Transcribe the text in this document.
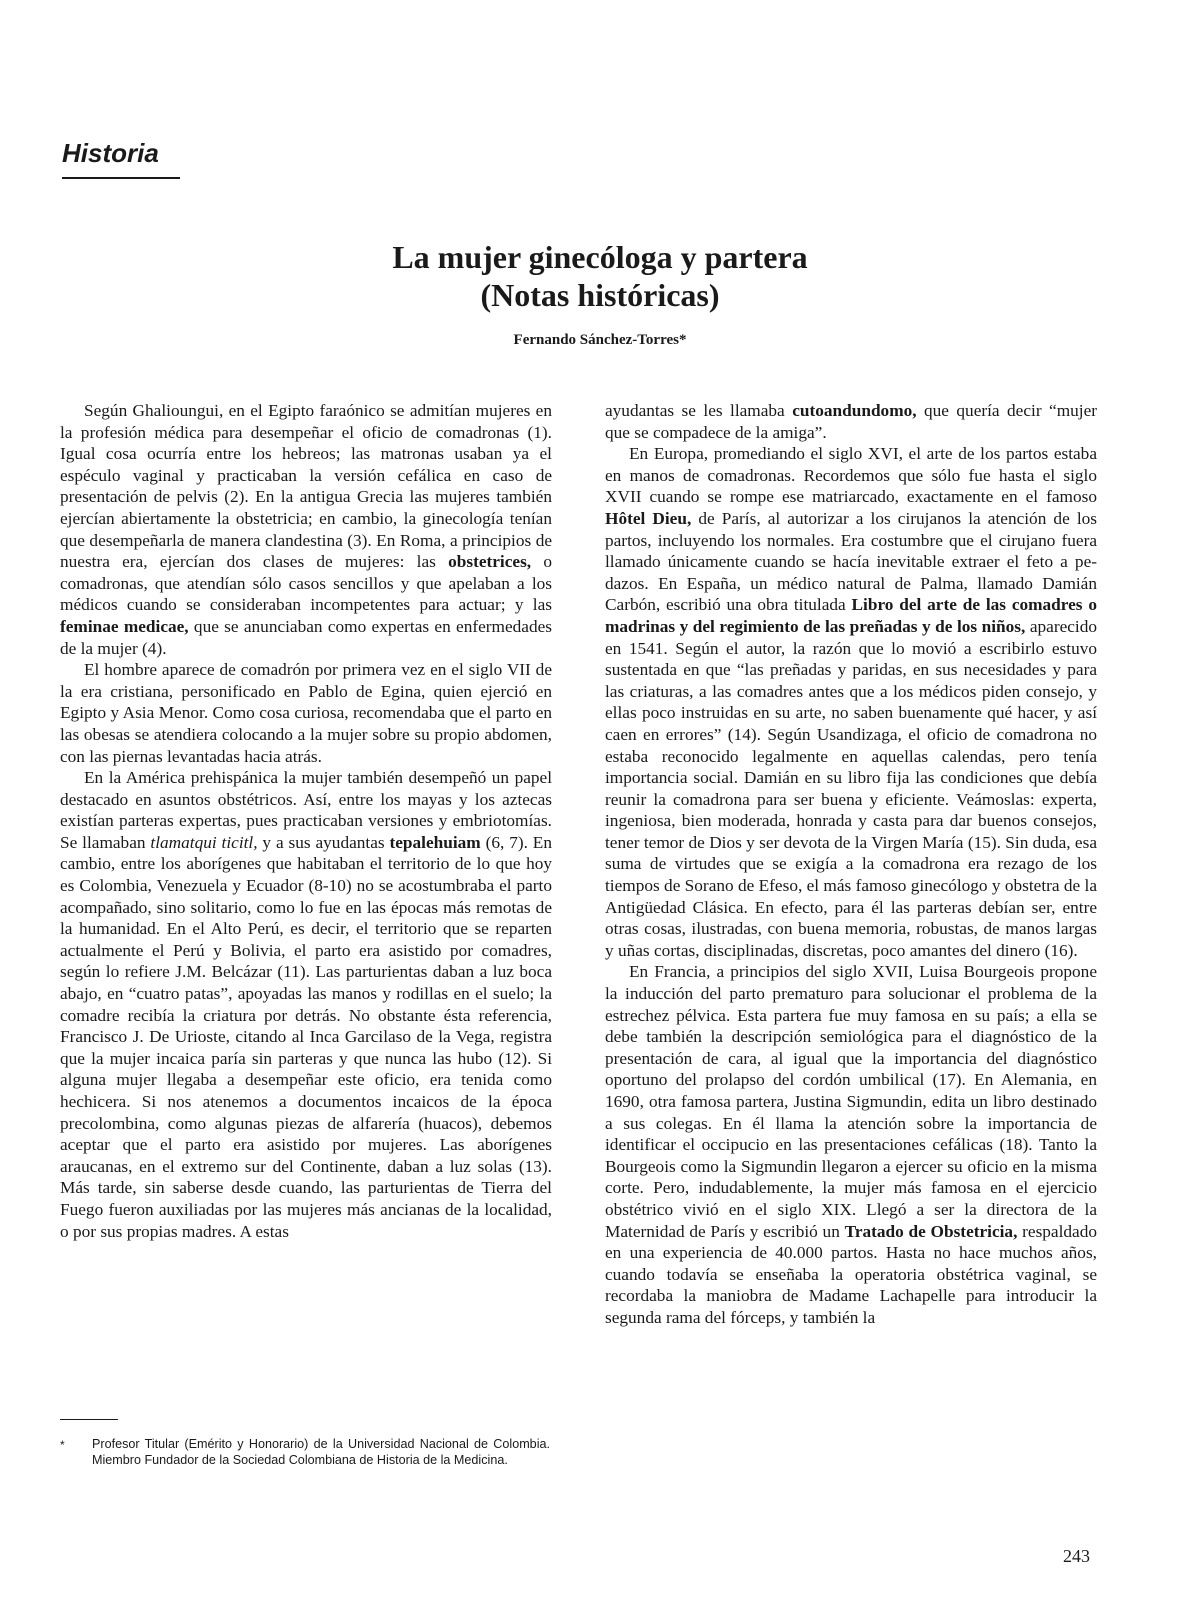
Historia
La mujer ginecóloga y partera
(Notas históricas)

Fernando Sánchez-Torres*

Según Ghalioungui, en el Egipto faraónico se admitían mujeres en la profesión médica para desempeñar el oficio de comadronas (1). Igual cosa ocurría entre los hebreos; las matronas usaban ya el espéculo vaginal y practicaban la versión cefálica en caso de presentación de pelvis (2). En la antigua Grecia las mujeres también ejercían abiertamente la obstetricia; en cambio, la ginecología tenían que desempeñarla de manera clandestina (3). En Roma, a principios de nuestra era, ejercían dos clases de mujeres: las obstetrices, o comadronas, que atendían sólo casos sencillos y que apelaban a los médicos cuando se consideraban incompetentes para actuar; y las feminae medicae, que se anunciaban como expertas en enfermedades de la mujer (4).

El hombre aparece de comadrón por primera vez en el siglo VII de la era cristiana, personificado en Pablo de Egina, quien ejerció en Egipto y Asia Menor. Como cosa curiosa, recomendaba que el parto en las obesas se atendiera colocando a la mujer sobre su propio abdomen, con las piernas levantadas hacia atrás.

En la América prehispánica la mujer también desempeñó un papel destacado en asuntos obstétricos. Así, entre los mayas y los aztecas existían parteras expertas, pues practicaban versiones y embriotomías. Se llamaban tlamatqui ticitl, y a sus ayudantas tepalehuiam (6, 7). En cambio, entre los aborígenes que habitaban el territorio de lo que hoy es Colombia, Venezuela y Ecuador (8-10) no se acostumbraba el parto acompañado, sino solitario, como lo fue en las épocas más remotas de la humanidad. En el Alto Perú, es decir, el territorio que se reparten actualmente el Perú y Bolivia, el parto era asistido por comadres, según lo refiere J.M. Belcázar (11). Las parturientas daban a luz boca abajo, en “cuatro patas”, apoyadas las manos y rodillas en el suelo; la comadre recibía la criatura por detrás. No obstante ésta referencia, Francisco J. De Urioste, citando al Inca Garcilaso de la Vega, registra que la mujer incaica paría sin parteras y que nunca las hubo (12). Si alguna mujer llegaba a desempeñar este oficio, era tenida como hechicera. Si nos atenemos a documentos incaicos de la época precolombina, como algunas piezas de alfarería (huacos), debemos aceptar que el parto era asistido por mujeres. Las aborígenes araucanas, en el extremo sur del Continente, daban a luz solas (13). Más tarde, sin saberse desde cuando, las parturientas de Tierra del Fuego fueron auxiliadas por las mujeres más ancianas de la localidad, o por sus propias madres. A estas

ayudantas se les llamaba cutoandundomo, que quería decir “mujer que se compadece de la amiga”.

En Europa, promediando el siglo XVI, el arte de los partos estaba en manos de comadronas. Recordemos que sólo fue hasta el siglo XVII cuando se rompe ese matriarcado, exactamente en el famoso Hôtel Dieu, de París, al autorizar a los cirujanos la atención de los partos, incluyendo los normales. Era costumbre que el cirujano fuera llamado únicamente cuando se hacía inevitable extraer el feto a pedazos. En España, un médico natural de Palma, llamado Damián Carbón, escribió una obra titulada Libro del arte de las comadres o madrinas y del regimiento de las preñadas y de los niños, aparecido en 1541. Según el autor, la razón que lo movió a escribirlo estuvo sustentada en que “las preñadas y paridas, en sus necesidades y para las criaturas, a las comadres antes que a los médicos piden consejo, y ellas poco instruidas en su arte, no saben buenamente qué hacer, y así caen en errores” (14). Según Usandizaga, el oficio de comadrona no estaba reconocido legalmente en aquellas calendas, pero tenía importancia social. Damián en su libro fija las condiciones que debía reunir la comadrona para ser buena y eficiente. Veámoslas: experta, ingeniosa, bien moderada, honrada y casta para dar buenos consejos, tener temor de Dios y ser devota de la Virgen María (15). Sin duda, esa suma de virtudes que se exigía a la comadrona era rezago de los tiempos de Sorano de Efeso, el más famoso ginecólogo y obstetra de la Antigüedad Clásica. En efecto, para él las parteras debían ser, entre otras cosas, ilustradas, con buena memoria, robustas, de manos largas y uñas cortas, disciplinadas, discretas, poco amantes del dinero (16).

En Francia, a principios del siglo XVII, Luisa Bourgeois propone la inducción del parto prematuro para solucionar el problema de la estrechez pélvica. Esta partera fue muy famosa en su país; a ella se debe también la descripción semiológica para el diagnóstico de la presentación de cara, al igual que la importancia del diagnóstico oportuno del prolapso del cordón umbilical (17). En Alemania, en 1690, otra famosa partera, Justina Sigmundin, edita un libro destinado a sus colegas. En él llama la atención sobre la importancia de identificar el occipucio en las presentaciones cefálicas (18). Tanto la Bourgeois como la Sigmundin llegaron a ejercer su oficio en la misma corte. Pero, indudablemente, la mujer más famosa en el ejercicio obstétrico vivió en el siglo XIX. Llegó a ser la directora de la Maternidad de París y escribió un Tratado de Obstetricia, respaldado en una experiencia de 40.000 partos. Hasta no hace muchos años, cuando todavía se enseñaba la operatoria obstétrica vaginal, se recordaba la maniobra de Madame Lachapelle para introducir la segunda rama del fórceps, y también la

* Profesor Titular (Emérito y Honorario) de la Universidad Nacional de Colombia. Miembro Fundador de la Sociedad Colombiana de Historia de la Medicina.

243
